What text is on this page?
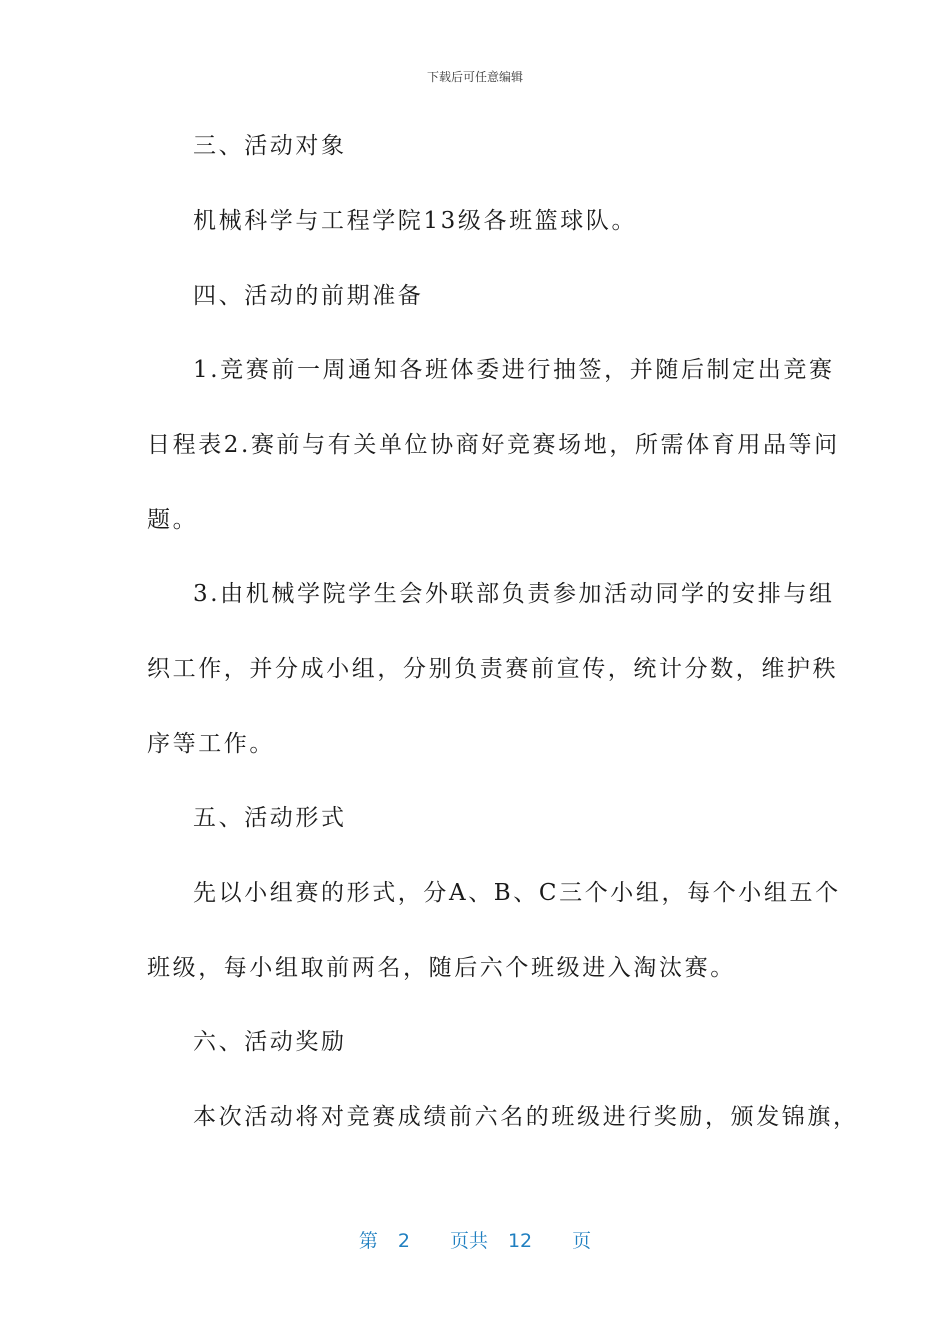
下载后可任意编辑
三、活动对象
机械科学与工程学院13级各班篮球队。
四、活动的前期准备
1.竞赛前一周通知各班体委进行抽签，并随后制定出竞赛
日程表2.赛前与有关单位协商好竞赛场地，所需体育用品等问
题。
3.由机械学院学生会外联部负责参加活动同学的安排与组
织工作，并分成小组，分别负责赛前宣传，统计分数，维护秩
序等工作。
五、活动形式
先以小组赛的形式，分A、B、C三个小组，每个小组五个
班级，每小组取前两名，随后六个班级进入淘汰赛。
六、活动奖励
本次活动将对竞赛成绩前六名的班级进行奖励，颁发锦旗，
第 2 页共 12 页
